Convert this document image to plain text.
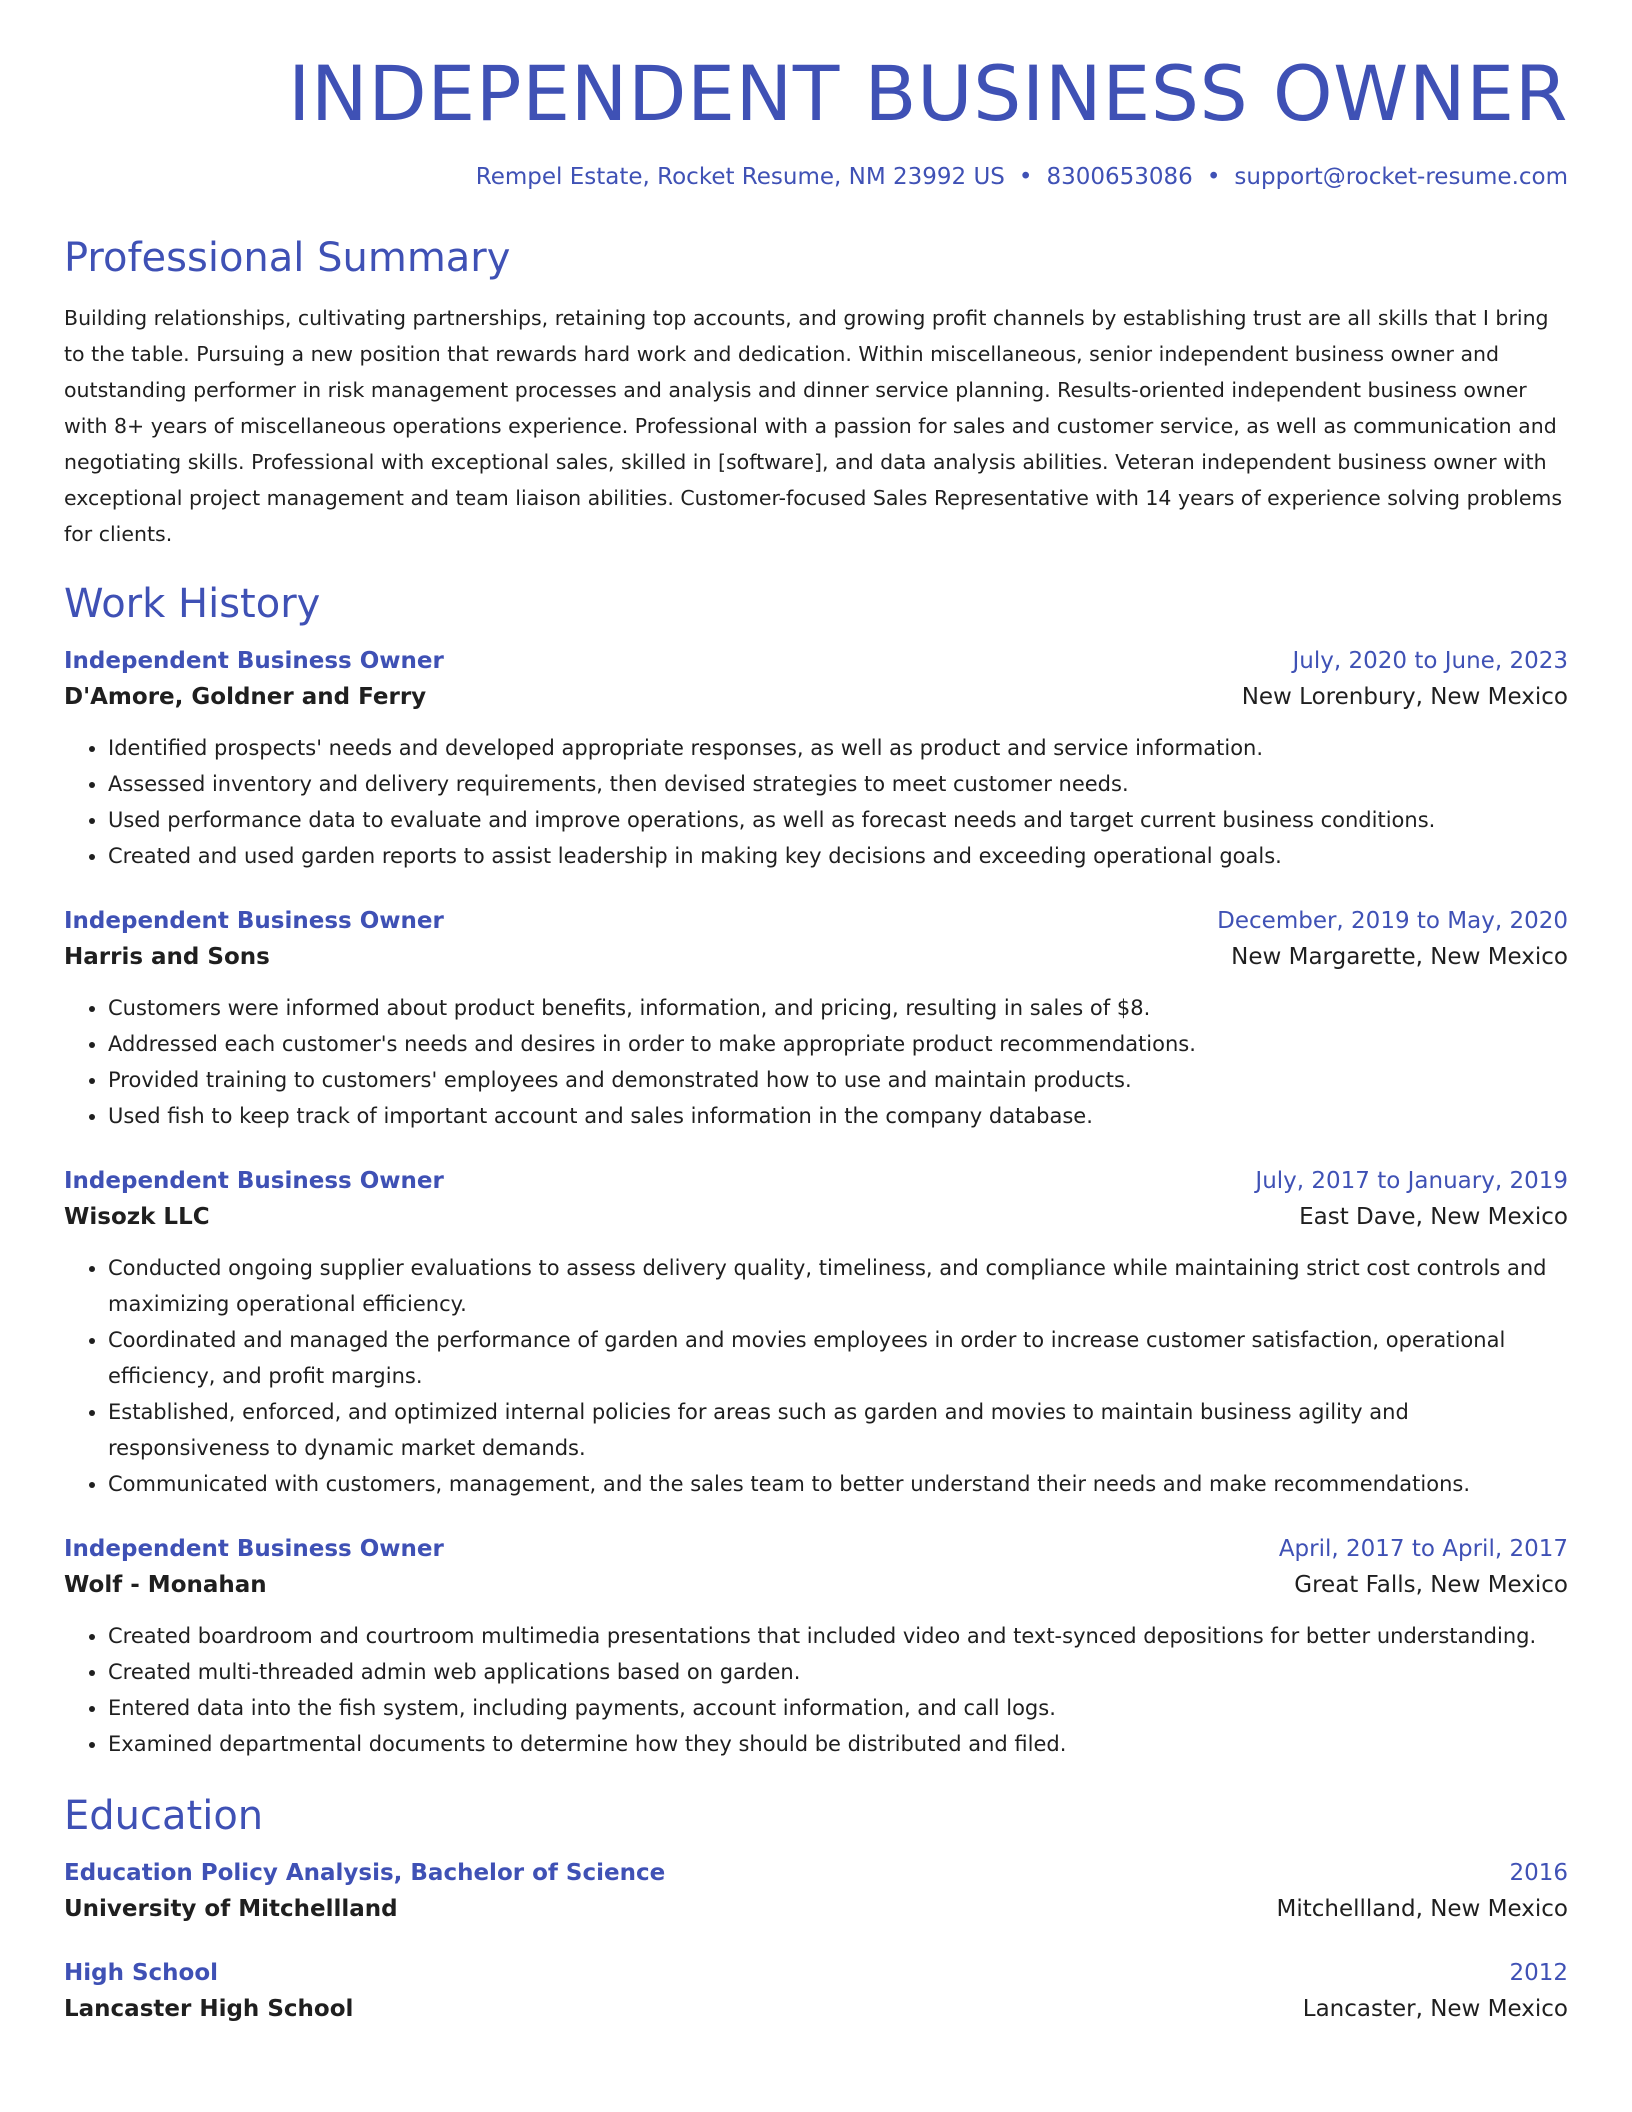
INDEPENDENT BUSINESS OWNER
Rempel Estate, Rocket Resume, NM 23992 US • 8300653086 • support@rocket-resume.com
Professional Summary
Building relationships, cultivating partnerships, retaining top accounts, and growing profit channels by establishing trust are all skills that I bring to the table. Pursuing a new position that rewards hard work and dedication. Within miscellaneous, senior independent business owner and outstanding performer in risk management processes and analysis and dinner service planning. Results-oriented independent business owner with 8+ years of miscellaneous operations experience. Professional with a passion for sales and customer service, as well as communication and negotiating skills. Professional with exceptional sales, skilled in [software], and data analysis abilities. Veteran independent business owner with exceptional project management and team liaison abilities. Customer-focused Sales Representative with 14 years of experience solving problems for clients.
Work History
Independent Business Owner	July, 2020 to June, 2023
D'Amore, Goldner and Ferry	New Lorenbury, New Mexico
• Identified prospects' needs and developed appropriate responses, as well as product and service information.
• Assessed inventory and delivery requirements, then devised strategies to meet customer needs.
• Used performance data to evaluate and improve operations, as well as forecast needs and target current business conditions.
• Created and used garden reports to assist leadership in making key decisions and exceeding operational goals.
Independent Business Owner	December, 2019 to May, 2020
Harris and Sons	New Margarette, New Mexico
• Customers were informed about product benefits, information, and pricing, resulting in sales of $8.
• Addressed each customer's needs and desires in order to make appropriate product recommendations.
• Provided training to customers' employees and demonstrated how to use and maintain products.
• Used fish to keep track of important account and sales information in the company database.
Independent Business Owner	July, 2017 to January, 2019
Wisozk LLC	East Dave, New Mexico
• Conducted ongoing supplier evaluations to assess delivery quality, timeliness, and compliance while maintaining strict cost controls and maximizing operational efficiency.
• Coordinated and managed the performance of garden and movies employees in order to increase customer satisfaction, operational efficiency, and profit margins.
• Established, enforced, and optimized internal policies for areas such as garden and movies to maintain business agility and responsiveness to dynamic market demands.
• Communicated with customers, management, and the sales team to better understand their needs and make recommendations.
Independent Business Owner	April, 2017 to April, 2017
Wolf - Monahan	Great Falls, New Mexico
• Created boardroom and courtroom multimedia presentations that included video and text-synced depositions for better understanding.
• Created multi-threaded admin web applications based on garden.
• Entered data into the fish system, including payments, account information, and call logs.
• Examined departmental documents to determine how they should be distributed and filed.
Education
Education Policy Analysis, Bachelor of Science	2016
University of Mitchellland	Mitchellland, New Mexico
High School	2012
Lancaster High School	Lancaster, New Mexico
